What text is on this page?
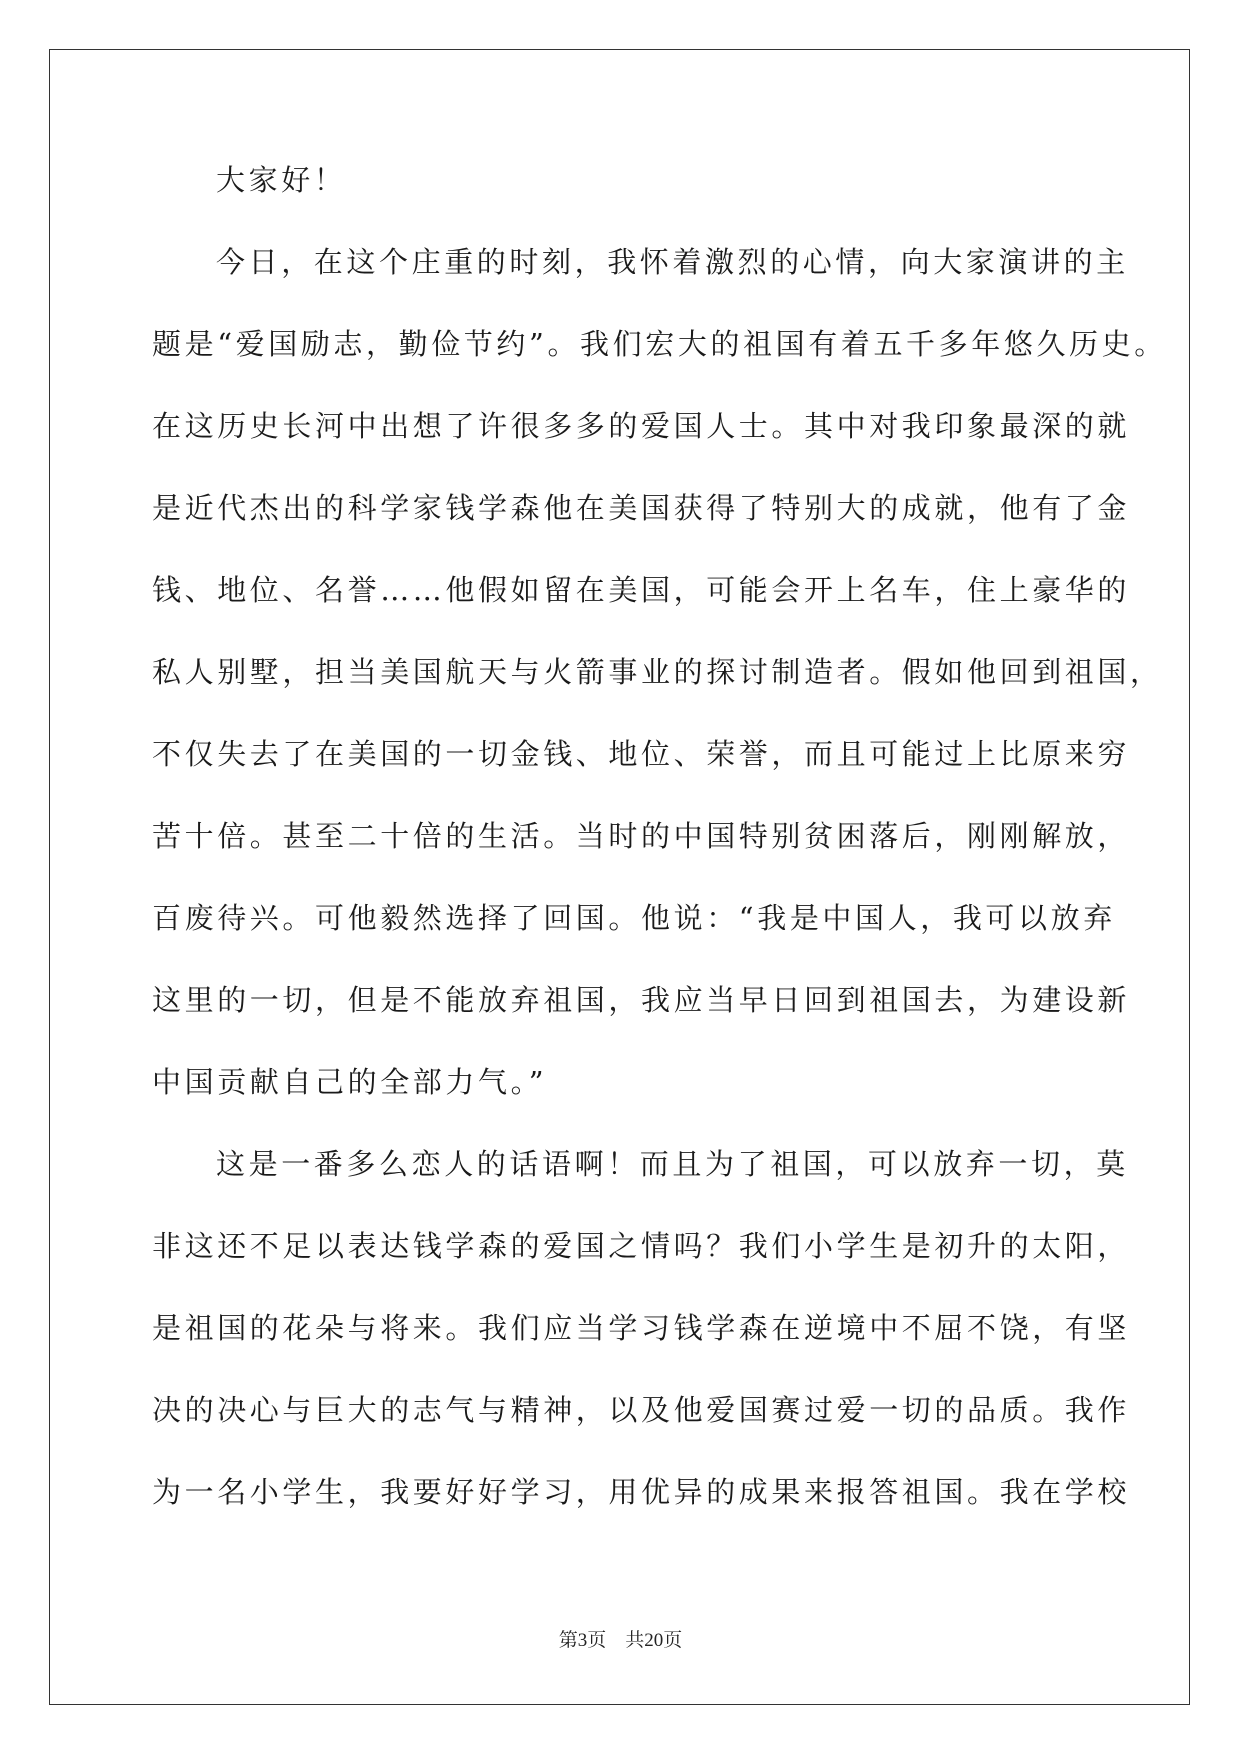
大家好！
今日，在这个庄重的时刻，我怀着激烈的心情，向大家演讲的主
题是“爱国励志，勤俭节约”。我们宏大的祖国有着五千多年悠久历史。
在这历史长河中出想了许很多多的爱国人士。其中对我印象最深的就
是近代杰出的科学家钱学森他在美国获得了特别大的成就，他有了金
钱、地位、名誉……他假如留在美国，可能会开上名车，住上豪华的
私人别墅，担当美国航天与火箭事业的探讨制造者。假如他回到祖国，
不仅失去了在美国的一切金钱、地位、荣誉，而且可能过上比原来穷
苦十倍。甚至二十倍的生活。当时的中国特别贫困落后，刚刚解放，
百废待兴。可他毅然选择了回国。他说：“我是中国人，我可以放弃
这里的一切，但是不能放弃祖国，我应当早日回到祖国去，为建设新
中国贡献自己的全部力气。”
这是一番多么恋人的话语啊！而且为了祖国，可以放弃一切，莫
非这还不足以表达钱学森的爱国之情吗？我们小学生是初升的太阳，
是祖国的花朵与将来。我们应当学习钱学森在逆境中不屈不饶，有坚
决的决心与巨大的志气与精神，以及他爱国赛过爱一切的品质。我作
为一名小学生，我要好好学习，用优异的成果来报答祖国。我在学校
第3页　共20页
